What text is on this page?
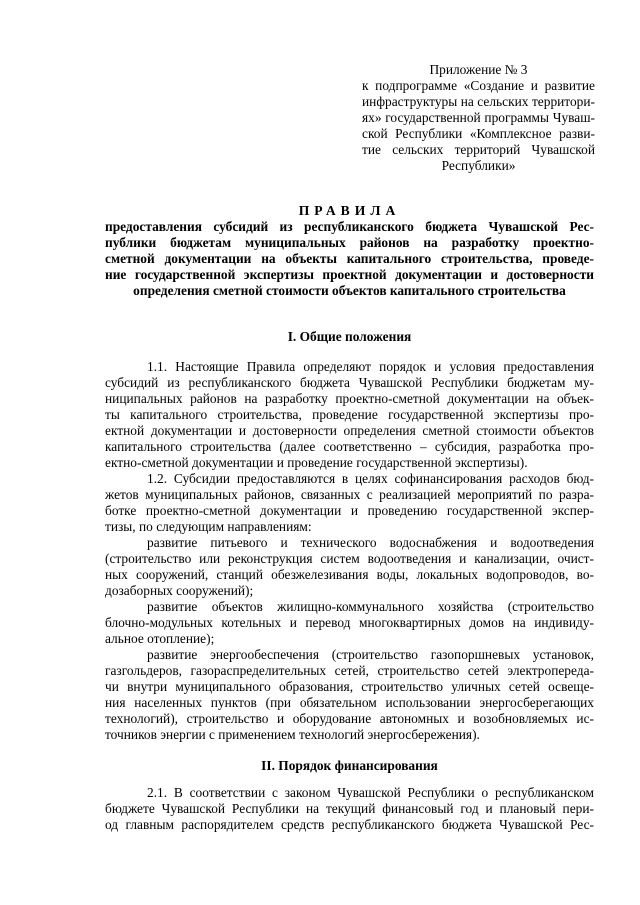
Приложение № 3
к подпрограмме «Создание и развитие
инфраструктуры на сельских территори-
ях» государственной программы Чуваш-
ской Республики «Комплексное разви-
тие сельских территорий Чувашской
Республики»
ПРАВИЛА
предоставления субсидий из республиканского бюджета Чувашской Рес-
публики бюджетам муниципальных районов на разработку проектно-
сметной документации на объекты капитального строительства, проведе-
ние государственной экспертизы проектной документации и достоверности
определения сметной стоимости объектов капитального строительства
I. Общие положения
1.1. Настоящие Правила определяют порядок и условия предоставления
субсидий из республиканского бюджета Чувашской Республики бюджетам му-
ниципальных районов на разработку проектно-сметной документации на объек-
ты капитального строительства, проведение государственной экспертизы про-
ектной документации и достоверности определения сметной стоимости объектов
капитального строительства (далее соответственно – субсидия, разработка про-
ектно-сметной документации и проведение государственной экспертизы).
1.2. Субсидии предоставляются в целях софинансирования расходов бюд-
жетов муниципальных районов, связанных с реализацией мероприятий по разра-
ботке проектно-сметной документации и проведению государственной экспер-
тизы, по следующим направлениям:
развитие питьевого и технического водоснабжения и водоотведения
(строительство или реконструкция систем водоотведения и канализации, очист-
ных сооружений, станций обезжелезивания воды, локальных водопроводов, во-
дозаборных сооружений);
развитие объектов жилищно-коммунального хозяйства (строительство
блочно-модульных котельных и перевод многоквартирных домов на индивиду-
альное отопление);
развитие энергообеспечения (строительство газопоршневых установок,
газгольдеров, газораспределительных сетей, строительство сетей электропереда-
чи внутри муниципального образования, строительство уличных сетей освеще-
ния населенных пунктов (при обязательном использовании энергосберегающих
технологий), строительство и оборудование автономных и возобновляемых ис-
точников энергии с применением технологий энергосбережения).
II. Порядок финансирования
2.1. В соответствии с законом Чувашской Республики о республиканском
бюджете Чувашской Республики на текущий финансовый год и плановый пери-
од главным распорядителем средств республиканского бюджета Чувашской Рес-
